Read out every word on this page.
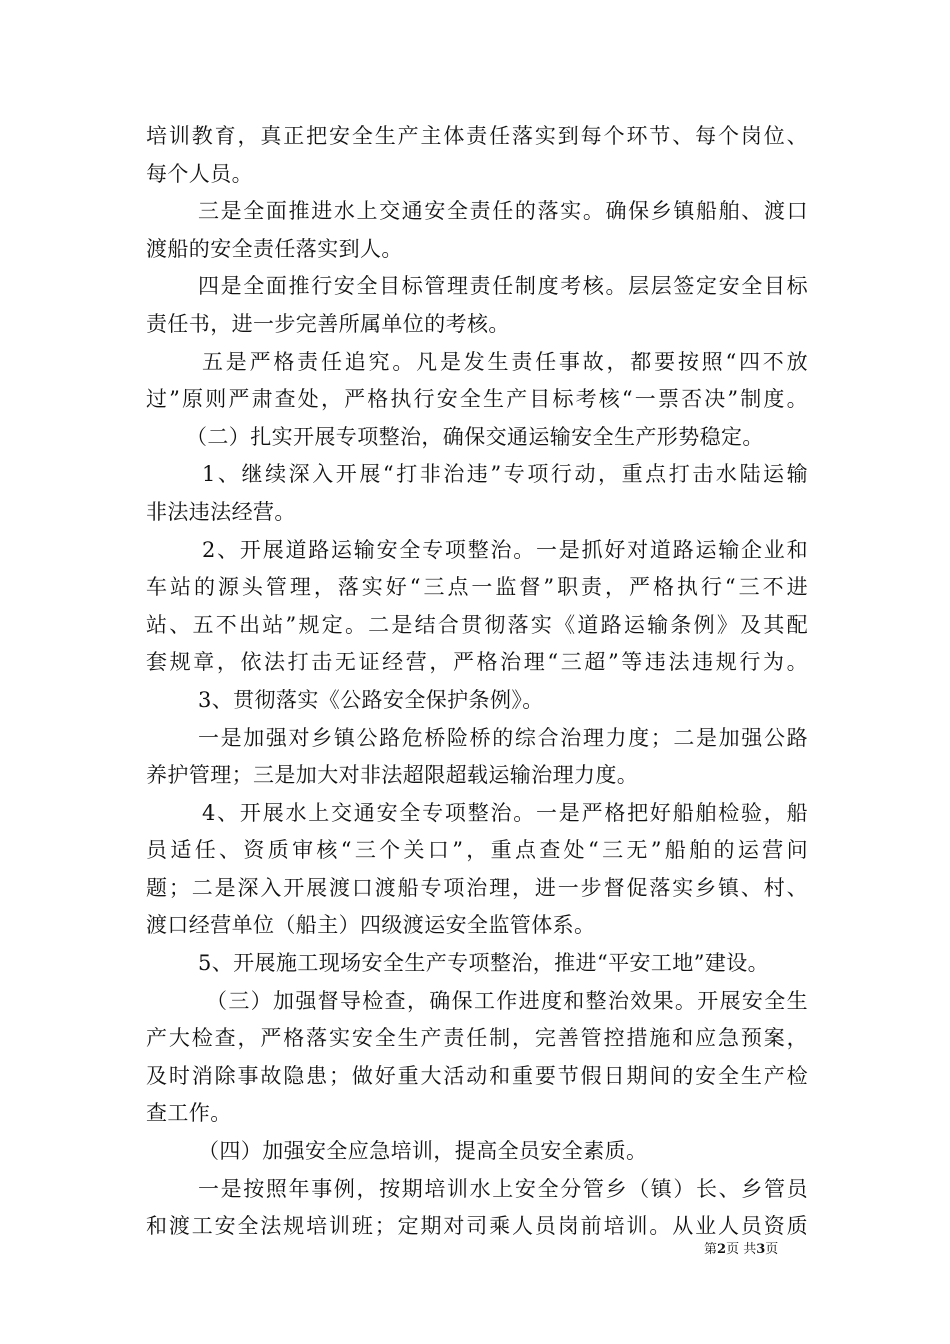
培训教育，真正把安全生产主体责任落实到每个环节、每个岗位、
每个人员。
三是全面推进水上交通安全责任的落实。确保乡镇船舶、渡口
渡船的安全责任落实到人。
四是全面推行安全目标管理责任制度考核。层层签定安全目标
责任书，进一步完善所属单位的考核。
五是严格责任追究。凡是发生责任事故，都要按照“四不放
过”原则严肃查处，严格执行安全生产目标考核“一票否决”制度。
（二）扎实开展专项整治，确保交通运输安全生产形势稳定。
1、继续深入开展“打非治违”专项行动，重点打击水陆运输
非法违法经营。
2、开展道路运输安全专项整治。一是抓好对道路运输企业和
车站的源头管理，落实好“三点一监督”职责，严格执行“三不进
站、五不出站”规定。二是结合贯彻落实《道路运输条例》及其配
套规章，依法打击无证经营，严格治理“三超”等违法违规行为。
3、贯彻落实《公路安全保护条例》。
一是加强对乡镇公路危桥险桥的综合治理力度；二是加强公路
养护管理；三是加大对非法超限超载运输治理力度。
4、开展水上交通安全专项整治。一是严格把好船舶检验，船
员适任、资质审核“三个关口”，重点查处“三无”船舶的运营问
题；二是深入开展渡口渡船专项治理，进一步督促落实乡镇、村、
渡口经营单位（船主）四级渡运安全监管体系。
5、开展施工现场安全生产专项整治，推进“平安工地”建设。
（三）加强督导检查，确保工作进度和整治效果。开展安全生
产大检查，严格落实安全生产责任制，完善管控措施和应急预案，
及时消除事故隐患；做好重大活动和重要节假日期间的安全生产检
查工作。
（四）加强安全应急培训，提高全员安全素质。
一是按照年事例，按期培训水上安全分管乡（镇）长、乡管员
和渡工安全法规培训班；定期对司乘人员岗前培训。从业人员资质
第2页 共3页
